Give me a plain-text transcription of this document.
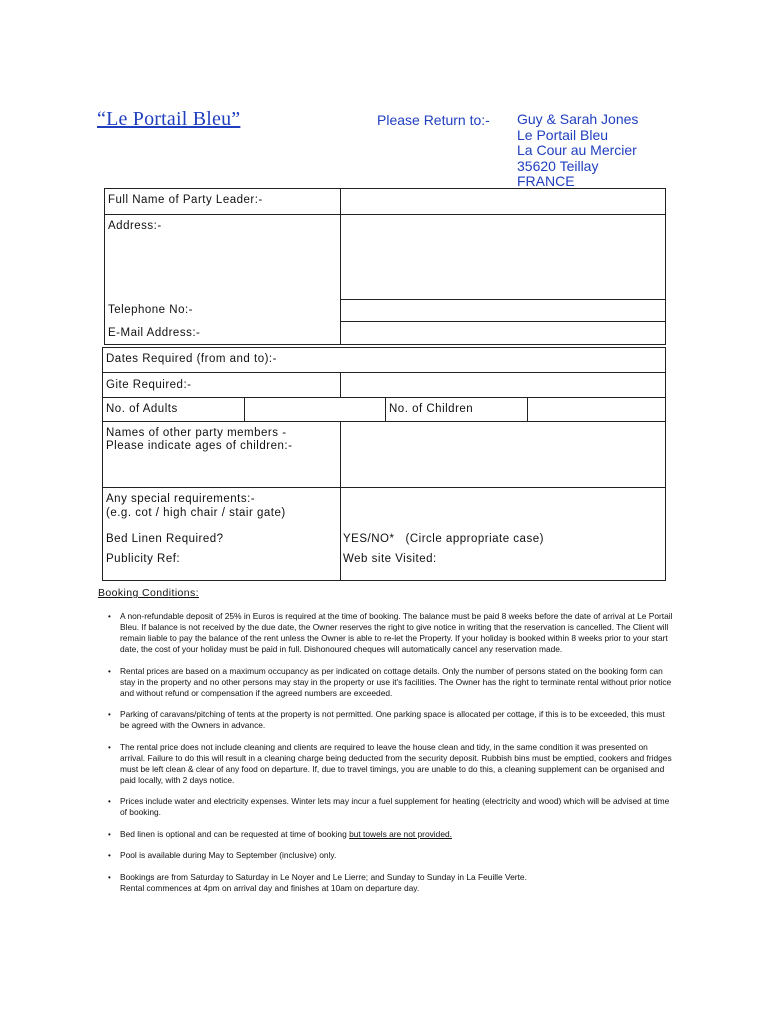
“Le Portail Bleu”	Please Return to:- Guy & Sarah Jones
Le Portail Bleu
La Cour au Mercier
35620 Teillay
FRANCE
Full Name of Party Leader:-
Address:-
Telephone No:-
E-Mail Address:-
Dates Required (from and to):-
Gite Required:-
No. of Adults	No. of Children
Names of other party members -
Please indicate ages of children:-
Any special requirements:-
(e.g. cot / high chair / stair gate)
Bed Linen Required?	YES/NO*   (Circle appropriate case)
Publicity Ref:	Web site Visited:
Booking Conditions:
• A non-refundable deposit of 25% in Euros is required at the time of booking. The balance must be paid 8 weeks before the date of arrival at Le Portail Bleu. If balance is not received by the due date, the Owner reserves the right to give notice in writing that the reservation is cancelled. The Client will remain liable to pay the balance of the rent unless the Owner is able to re-let the Property. If your holiday is booked within 8 weeks prior to your start date, the cost of your holiday must be paid in full. Dishonoured cheques will automatically cancel any reservation made.
• Rental prices are based on a maximum occupancy as per indicated on cottage details. Only the number of persons stated on the booking form can stay in the property and no other persons may stay in the property or use it's facilities. The Owner has the right to terminate rental without prior notice and without refund or compensation if the agreed numbers are exceeded.
• Parking of caravans/pitching of tents at the property is not permitted. One parking space is allocated per cottage, if this is to be exceeded, this must be agreed with the Owners in advance.
• The rental price does not include cleaning and clients are required to leave the house clean and tidy, in the same condition it was presented on arrival. Failure to do this will result in a cleaning charge being deducted from the security deposit. Rubbish bins must be emptied, cookers and fridges must be left clean & clear of any food on departure. If, due to travel timings, you are unable to do this, a cleaning supplement can be organised and paid locally, with 2 days notice.
• Prices include water and electricity expenses. Winter lets may incur a fuel supplement for heating (electricity and wood) which will be advised at time of booking.
• Bed linen is optional and can be requested at time of booking but towels are not provided.
• Pool is available during May to September (inclusive) only.
• Bookings are from Saturday to Saturday in Le Noyer and Le Lierre; and Sunday to Sunday in La Feuille Verte.
Rental commences at 4pm on arrival day and finishes at 10am on departure day.
